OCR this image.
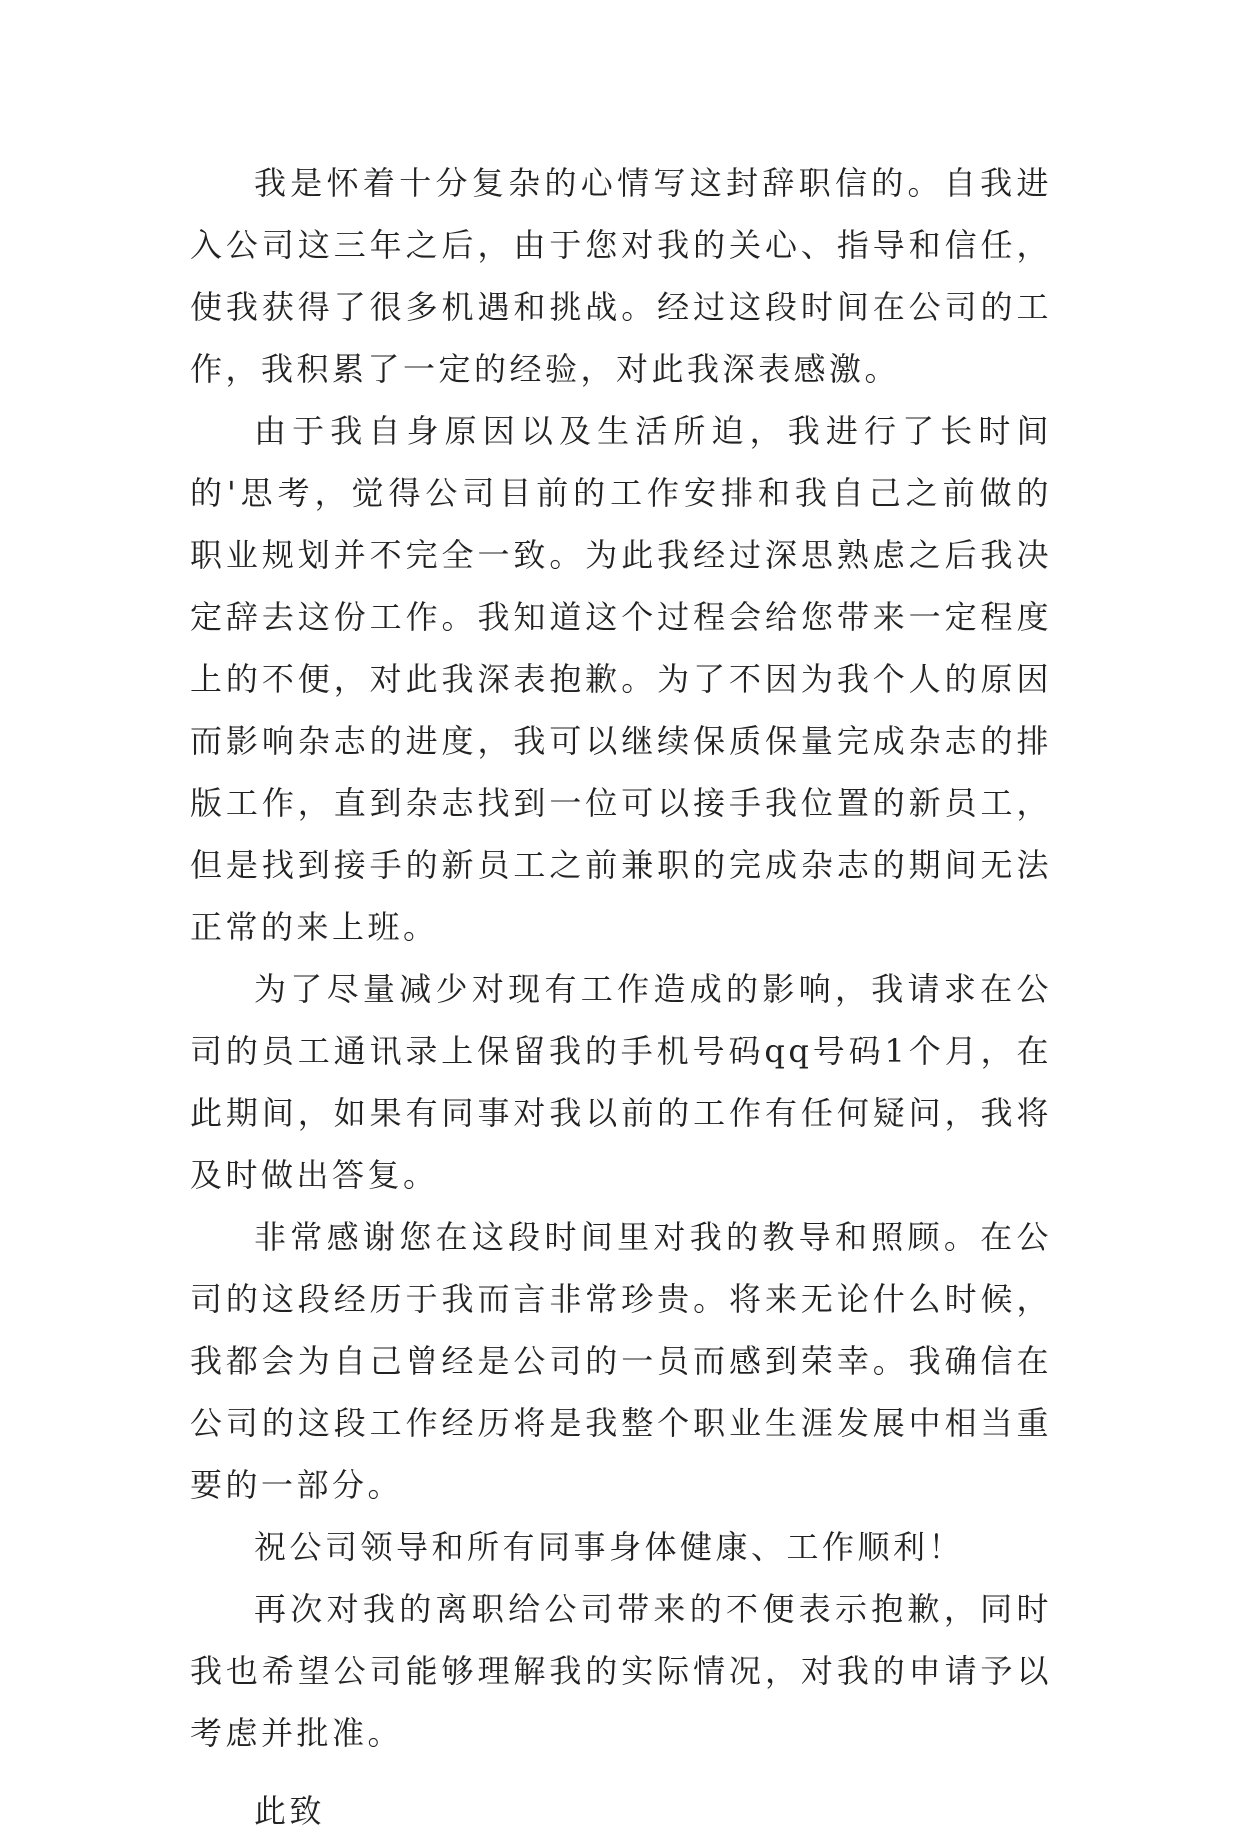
我是怀着十分复杂的心情写这封辞职信的。自我进入公司这三年之后，由于您对我的关心、指导和信任，使我获得了很多机遇和挑战。经过这段时间在公司的工作，我积累了一定的经验，对此我深表感激。

由于我自身原因以及生活所迫，我进行了长时间的'思考，觉得公司目前的工作安排和我自己之前做的职业规划并不完全一致。为此我经过深思熟虑之后我决定辞去这份工作。我知道这个过程会给您带来一定程度上的不便，对此我深表抱歉。为了不因为我个人的原因而影响杂志的进度，我可以继续保质保量完成杂志的排版工作，直到杂志找到一位可以接手我位置的新员工，但是找到接手的新员工之前兼职的完成杂志的期间无法正常的来上班。

为了尽量减少对现有工作造成的影响，我请求在公司的员工通讯录上保留我的手机号码qq号码1个月，在此期间，如果有同事对我以前的工作有任何疑问，我将及时做出答复。

非常感谢您在这段时间里对我的教导和照顾。在公司的这段经历于我而言非常珍贵。将来无论什么时候，我都会为自己曾经是公司的一员而感到荣幸。我确信在公司的这段工作经历将是我整个职业生涯发展中相当重要的一部分。

祝公司领导和所有同事身体健康、工作顺利！

再次对我的离职给公司带来的不便表示抱歉，同时我也希望公司能够理解我的实际情况，对我的申请予以考虑并批准。

此致
